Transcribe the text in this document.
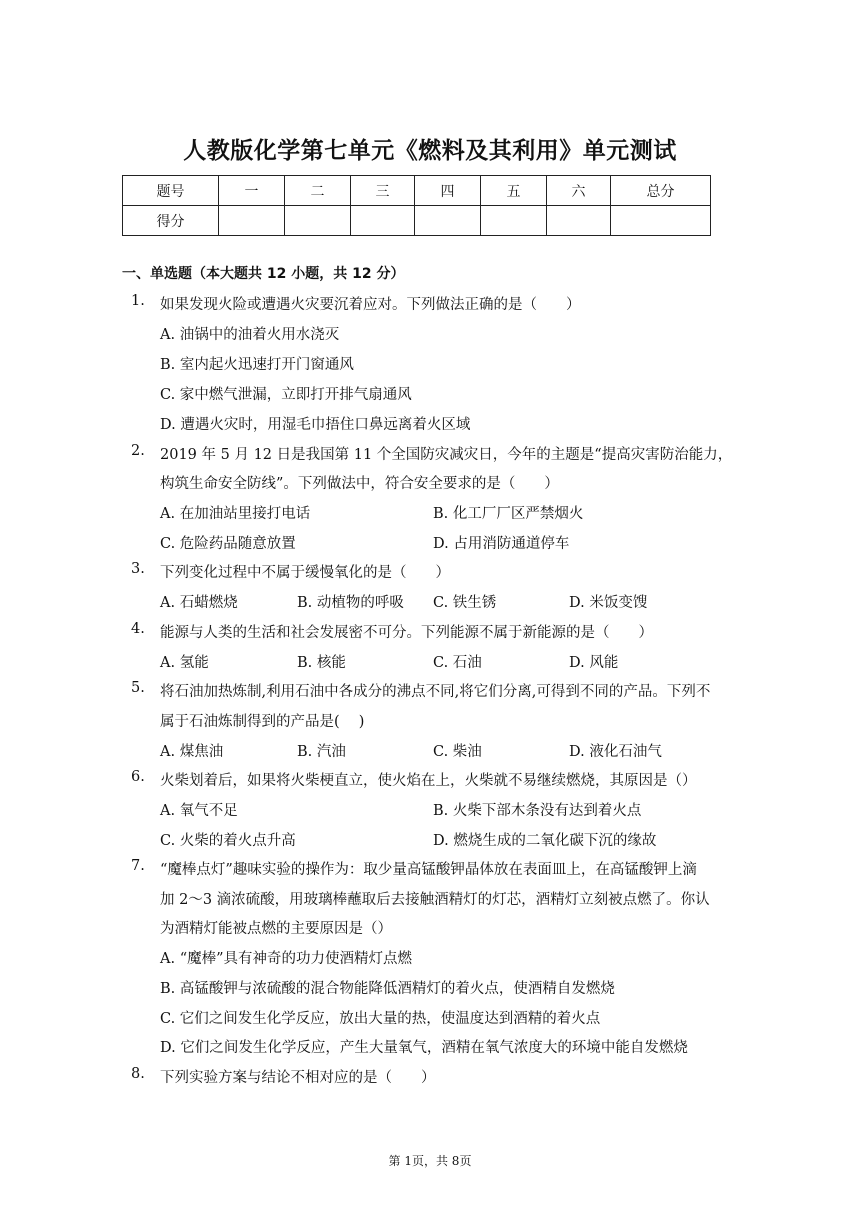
人教版化学第七单元《燃料及其利用》单元测试
题号	一	二	三	四	五	六	总分
得分							
一、单选题（本大题共 12 小题，共 12 分）
1. 如果发现火险或遭遇火灾要沉着应对。下列做法正确的是（　　）
A. 油锅中的油着火用水浇灭
B. 室内起火迅速打开门窗通风
C. 家中燃气泄漏，立即打开排气扇通风
D. 遭遇火灾时，用湿毛巾捂住口鼻远离着火区域
2. 2019 年 5 月 12 日是我国第 11 个全国防灾减灾日，今年的主题是“提高灾害防治能力，
构筑生命安全防线”。下列做法中，符合安全要求的是（　　）
A. 在加油站里接打电话	B. 化工厂厂区严禁烟火
C. 危险药品随意放置	D. 占用消防通道停车
3. 下列变化过程中不属于缓慢氧化的是（　　）
A. 石蜡燃烧	B. 动植物的呼吸 C. 铁生锈	D. 米饭变馊
4. 能源与人类的生活和社会发展密不可分。下列能源不属于新能源的是（　　）
A. 氢能	B. 核能	C. 石油	D. 风能
5. 将石油加热炼制,利用石油中各成分的沸点不同,将它们分离,可得到不同的产品。下列不
属于石油炼制得到的产品是(　 )
A. 煤焦油	B. 汽油	C. 柴油	D. 液化石油气
6. 火柴划着后，如果将火柴梗直立，使火焰在上，火柴就不易继续燃烧，其原因是（）
A. 氧气不足	B. 火柴下部木条没有达到着火点
C. 火柴的着火点升高	D. 燃烧生成的二氧化碳下沉的缘故
7. “魔棒点灯”趣味实验的操作为：取少量高锰酸钾晶体放在表面皿上，在高锰酸钾上滴
加 2～3 滴浓硫酸，用玻璃棒蘸取后去接触酒精灯的灯芯，酒精灯立刻被点燃了。你认
为酒精灯能被点燃的主要原因是（）
A. “魔棒”具有神奇的功力使酒精灯点燃
B. 高锰酸钾与浓硫酸的混合物能降低酒精灯的着火点，使酒精自发燃烧
C. 它们之间发生化学反应，放出大量的热，使温度达到酒精的着火点
D. 它们之间发生化学反应，产生大量氧气，酒精在氧气浓度大的环境中能自发燃烧
8. 下列实验方案与结论不相对应的是（　　）
第 1页，共 8页
